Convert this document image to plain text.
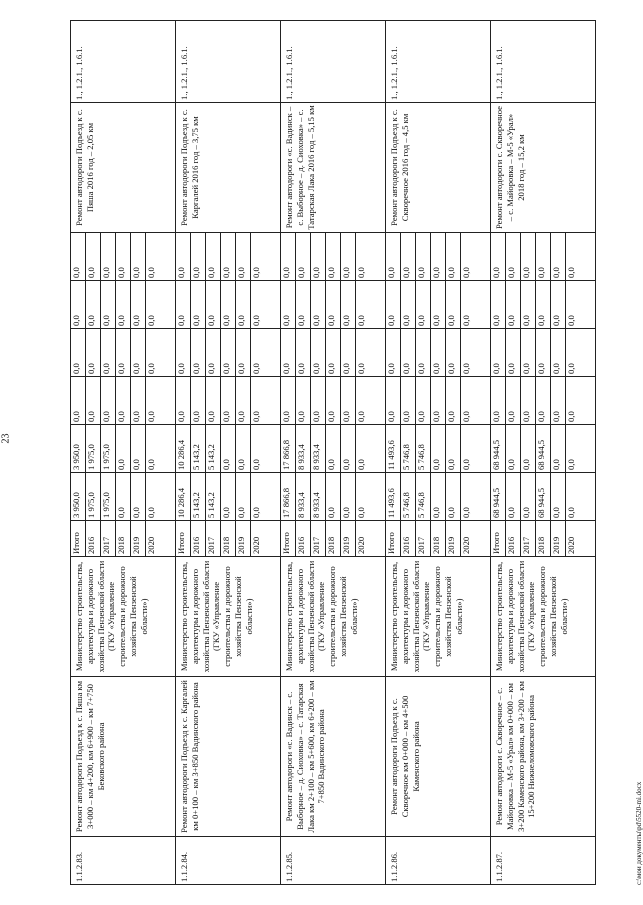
23
1.1.2.83.
Ремонт автодороги Подъезд к с. Пяша км 3+000 – км 4+200, км 6+900 – км 7+750 Бековского района
Министерство строительства, архитектуры и дорожного хозяйства Пензенской области (ГКУ «Управление строительства и дорожного хозяйства Пензенской области»)
Итого 2016 2017 2018 2019 2020
3 950,0 1 975,0 1 975,0 0,0 0,0 0,0
3 950,0 1 975,0 1 975,0 0,0 0,0 0,0
0,0 0,0 0,0 0,0 0,0 0,0
0,0 0,0 0,0 0,0 0,0 0,0
0,0 0,0 0,0 0,0 0,0 0,0
0,0 0,0 0,0 0,0 0,0 0,0
Ремонт автодороги Подъезд к с. Пяша 2016 год – 2,05 км
1., 1.2.1., 1.6.1.
1.1.2.84.
Ремонт автодороги Подъезд к с. Каргалей км 0+100 – км 3+850 Вадинского района
Министерство строительства, архитектуры и дорожного хозяйства Пензенской области (ГКУ «Управление строительства и дорожного хозяйства Пензенской области»)
Итого 2016 2017 2018 2019 2020
10 286,4 5 143,2 5 143,2 0,0 0,0 0,0
10 286,4 5 143,2 5 143,2 0,0 0,0 0,0
0,0 0,0 0,0 0,0 0,0 0,0
0,0 0,0 0,0 0,0 0,0 0,0
0,0 0,0 0,0 0,0 0,0 0,0
0,0 0,0 0,0 0,0 0,0 0,0
Ремонт автодороги Подъезд к с. Каргалей 2016 год – 3,75 км
1., 1.2.1., 1.6.1.
1.1.2.85.
Ремонт автодороги «с. Вадинск – с. Выборное – д. Сиоховка» – с. Татарская Лака км 2+100 – км 5+600, км 6+200 – км 7+850 Вадинского района
Министерство строительства, архитектуры и дорожного хозяйства Пензенской области (ГКУ «Управление строительства и дорожного хозяйства Пензенской области»)
Итого 2016 2017 2018 2019 2020
17 866,8 8 933,4 8 933,4 0,0 0,0 0,0
17 866,8 8 933,4 8 933,4 0,0 0,0 0,0
0,0 0,0 0,0 0,0 0,0 0,0
0,0 0,0 0,0 0,0 0,0 0,0
0,0 0,0 0,0 0,0 0,0 0,0
0,0 0,0 0,0 0,0 0,0 0,0
Ремонт автодороги «с. Вадинск – с. Выборное – д. Сиоховка» – с. Татарская Лака 2016 год – 5,15 км
1., 1.2.1., 1.6.1.
1.1.2.86.
Ремонт автодороги Подъезд к с. Скворечное км 0+000 – км 4+500 Каменского района
Министерство строительства, архитектуры и дорожного хозяйства Пензенской области (ГКУ «Управление строительства и дорожного хозяйства Пензенской области»)
Итого 2016 2017 2018 2019 2020
11 493,6 5 746,8 5 746,8 0,0 0,0 0,0
11 493,6 5 746,8 5 746,8 0,0 0,0 0,0
0,0 0,0 0,0 0,0 0,0 0,0
0,0 0,0 0,0 0,0 0,0 0,0
0,0 0,0 0,0 0,0 0,0 0,0
0,0 0,0 0,0 0,0 0,0 0,0
Ремонт автодороги Подъезд к с. Скворечное 2016 год – 4,5 км
1., 1.2.1., 1.6.1.
1.1.2.87.
Ремонт автодороги с. Скворечное – с. Майоровка – М-5 «Урал» км 0+000 – км 3+200 Каменского района, км 3+200 – км 15+200 Нижнеломовского района
Министерство строительства, архитектуры и дорожного хозяйства Пензенской области (ГКУ «Управление строительства и дорожного хозяйства Пензенской области»)
Итого 2016 2017 2018 2019 2020
68 944,5 0,0 0,0 68 944,5 0,0 0,0
68 944,5 0,0 0,0 68 944,5 0,0 0,0
0,0 0,0 0,0 0,0 0,0 0,0
0,0 0,0 0,0 0,0 0,0 0,0
0,0 0,0 0,0 0,0 0,0 0,0
0,0 0,0 0,0 0,0 0,0 0,0
Ремонт автодороги с. Скворечное – с. Майоровка – М-5 «Урал» 2018 год – 15,2 км
1., 1.2.1., 1.6.1.
c:\мои документы\pd\5520-mi.docx
